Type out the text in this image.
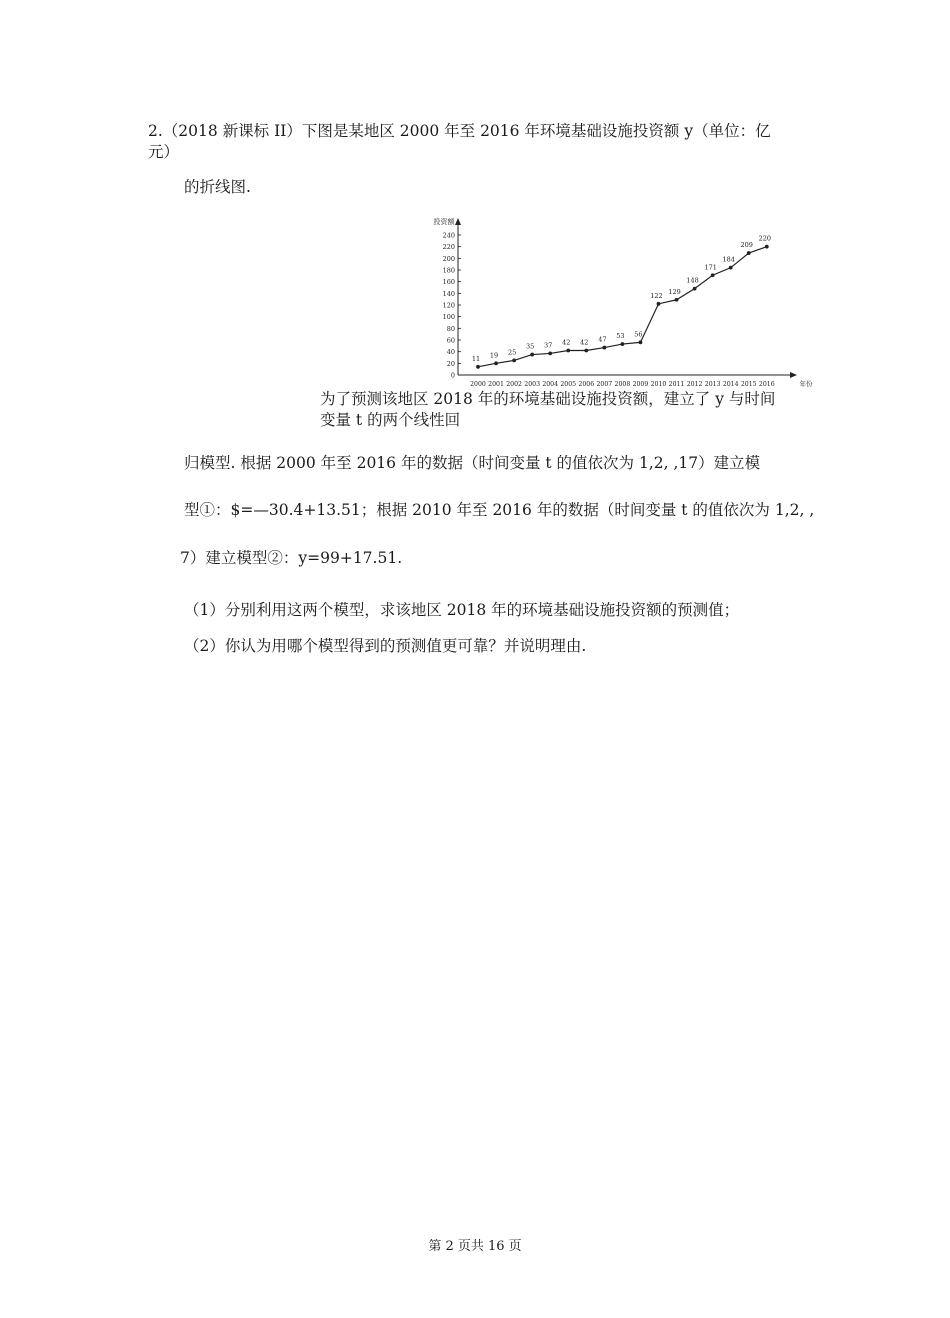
2.（2018 新课标 II）下图是某地区 2000 年至 2016 年环境基础设施投资额 y（单位：亿
元）
的折线图.
0
20
40
60
80
100
120
140
160
180
200
220
240
投资额
年份
2000 2001 2002 2003 2004 2005 2006 2007 2008 2009 2010 2011 2012 2013 2014 2015 2016
11 19 25
35 37 42 42 47 53 56
122
129
148
171
184
209
220
为了预测该地区 2018 年的环境基础设施投资额，建立了 y 与时间
变量 t 的两个线性回
归模型. 根据 2000 年至 2016 年的数据（时间变量 t 的值依次为 1,2, ,17）建立模
型①：$=—30.4+13.51；根据 2010 年至 2016 年的数据（时间变量 t 的值依次为 1,2, ,
7）建立模型②：y=99+17.51.
（1）分别利用这两个模型，求该地区 2018 年的环境基础设施投资额的预测值；
（2）你认为用哪个模型得到的预测值更可靠？并说明理由.
第 2 页共 16 页
